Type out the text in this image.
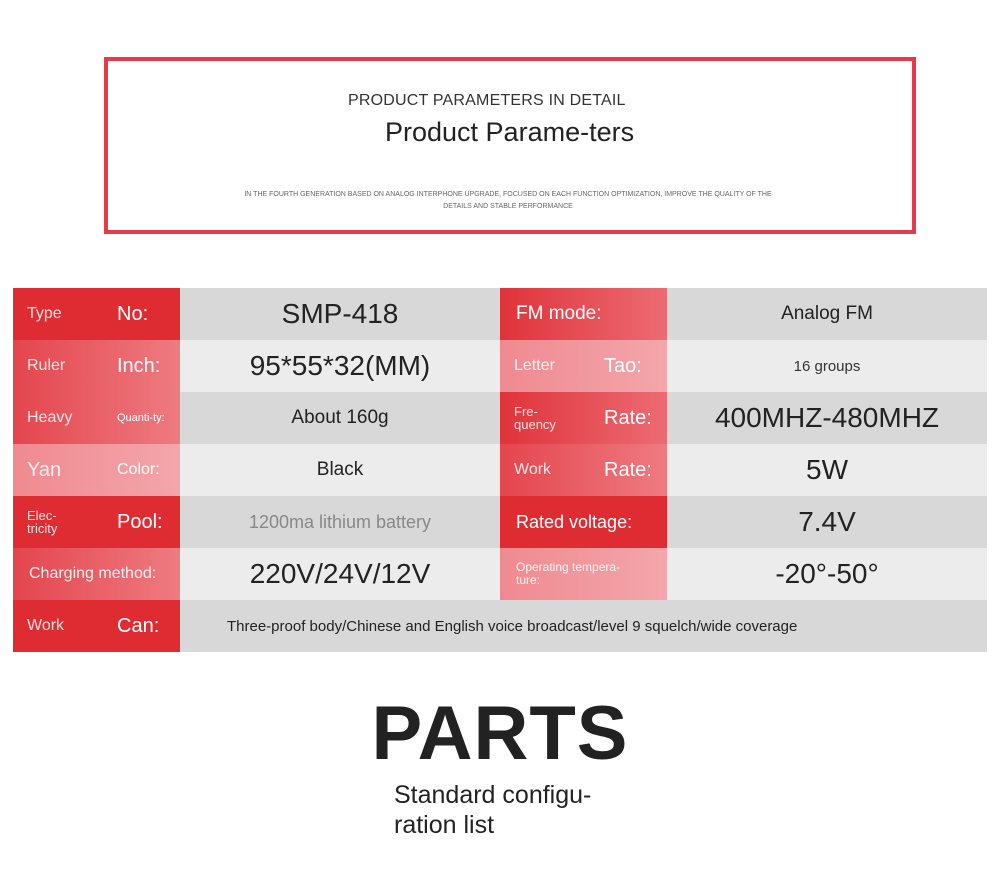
PRODUCT PARAMETERS IN DETAIL
Product Parame-ters
IN THE FOURTH GENERATION BASED ON ANALOG INTERPHONE UPGRADE, FOCUSED ON EACH FUNCTION OPTIMIZATION, IMPROVE THE QUALITY OF THE DETAILS AND STABLE PERFORMANCE
Type	No:	SMP-418	FM mode:	Analog FM
Ruler	Inch:	95*55*32(MM)	Letter Tao:	16 groups
Heavy	Quanti-ty:	About 160g	Fre-quency	Rate:	400MHZ-480MHZ
Yan	Color:	Black	Work	Rate:	5W
Elec-tricity	Pool:	1200ma lithium battery	Rated voltage:	7.4V
Charging method:	220V/24V/12V	Operating tempera-ture:	-20°-50°
Work	Can:	Three-proof body/Chinese and English voice broadcast/level 9 squelch/wide coverage
PARTS
Standard configu-ration list
